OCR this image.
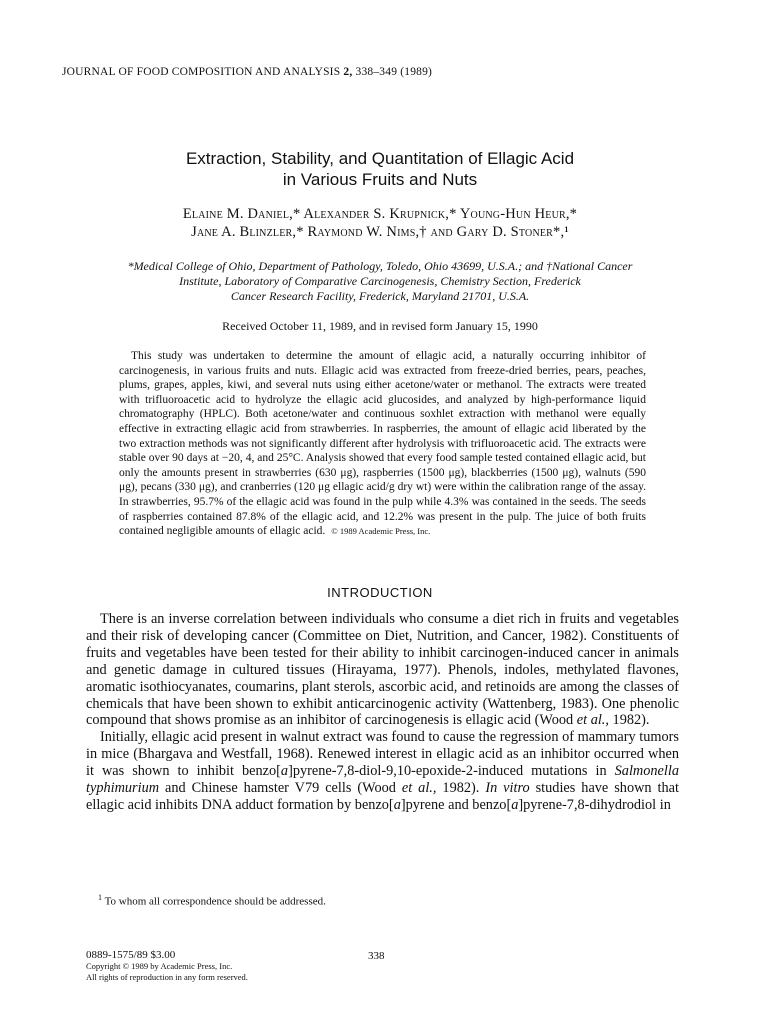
JOURNAL OF FOOD COMPOSITION AND ANALYSIS 2, 338–349 (1989)
Extraction, Stability, and Quantitation of Ellagic Acid
in Various Fruits and Nuts
Elaine M. Daniel,* Alexander S. Krupnick,* Young-Hun Heur,*
Jane A. Blinzler,* Raymond W. Nims,† and Gary D. Stoner*,¹
*Medical College of Ohio, Department of Pathology, Toledo, Ohio 43699, U.S.A.; and †National Cancer
Institute, Laboratory of Comparative Carcinogenesis, Chemistry Section, Frederick
Cancer Research Facility, Frederick, Maryland 21701, U.S.A.
Received October 11, 1989, and in revised form January 15, 1990
This study was undertaken to determine the amount of ellagic acid, a naturally occurring inhibitor of carcinogenesis, in various fruits and nuts. Ellagic acid was extracted from freeze-dried berries, pears, peaches, plums, grapes, apples, kiwi, and several nuts using either acetone/water or methanol. The extracts were treated with trifluoroacetic acid to hydrolyze the ellagic acid glucosides, and analyzed by high-performance liquid chromatography (HPLC). Both acetone/water and continuous soxhlet extraction with methanol were equally effective in extracting ellagic acid from strawberries. In raspberries, the amount of ellagic acid liberated by the two extraction methods was not significantly different after hydrolysis with trifluoroacetic acid. The extracts were stable over 90 days at −20, 4, and 25°C. Analysis showed that every food sample tested contained ellagic acid, but only the amounts present in strawberries (630 μg), raspberries (1500 μg), blackberries (1500 μg), walnuts (590 μg), pecans (330 μg), and cranberries (120 μg ellagic acid/g dry wt) were within the calibration range of the assay. In strawberries, 95.7% of the ellagic acid was found in the pulp while 4.3% was contained in the seeds. The seeds of raspberries contained 87.8% of the ellagic acid, and 12.2% was present in the pulp. The juice of both fruits contained negligible amounts of ellagic acid. © 1989 Academic Press, Inc.
INTRODUCTION

There is an inverse correlation between individuals who consume a diet rich in fruits and vegetables and their risk of developing cancer (Committee on Diet, Nutrition, and Cancer, 1982). Constituents of fruits and vegetables have been tested for their ability to inhibit carcinogen-induced cancer in animals and genetic damage in cultured tissues (Hirayama, 1977). Phenols, indoles, methylated flavones, aromatic isothiocyanates, coumarins, plant sterols, ascorbic acid, and retinoids are among the classes of chemicals that have been shown to exhibit anticarcinogenic activity (Wattenberg, 1983). One phenolic compound that shows promise as an inhibitor of carcinogenesis is ellagic acid (Wood et al., 1982).

Initially, ellagic acid present in walnut extract was found to cause the regression of mammary tumors in mice (Bhargava and Westfall, 1968). Renewed interest in ellagic acid as an inhibitor occurred when it was shown to inhibit benzo[a]pyrene-7,8-diol-9,10-epoxide-2-induced mutations in Salmonella typhimurium and Chinese hamster V79 cells (Wood et al., 1982). In vitro studies have shown that ellagic acid inhibits DNA adduct formation by benzo[a]pyrene and benzo[a]pyrene-7,8-dihydrodiol in

$^1$ To whom all correspondence should be addressed.
0889-1575/89 $3.00
Copyright © 1989 by Academic Press, Inc.
All rights of reproduction in any form reserved.
338
